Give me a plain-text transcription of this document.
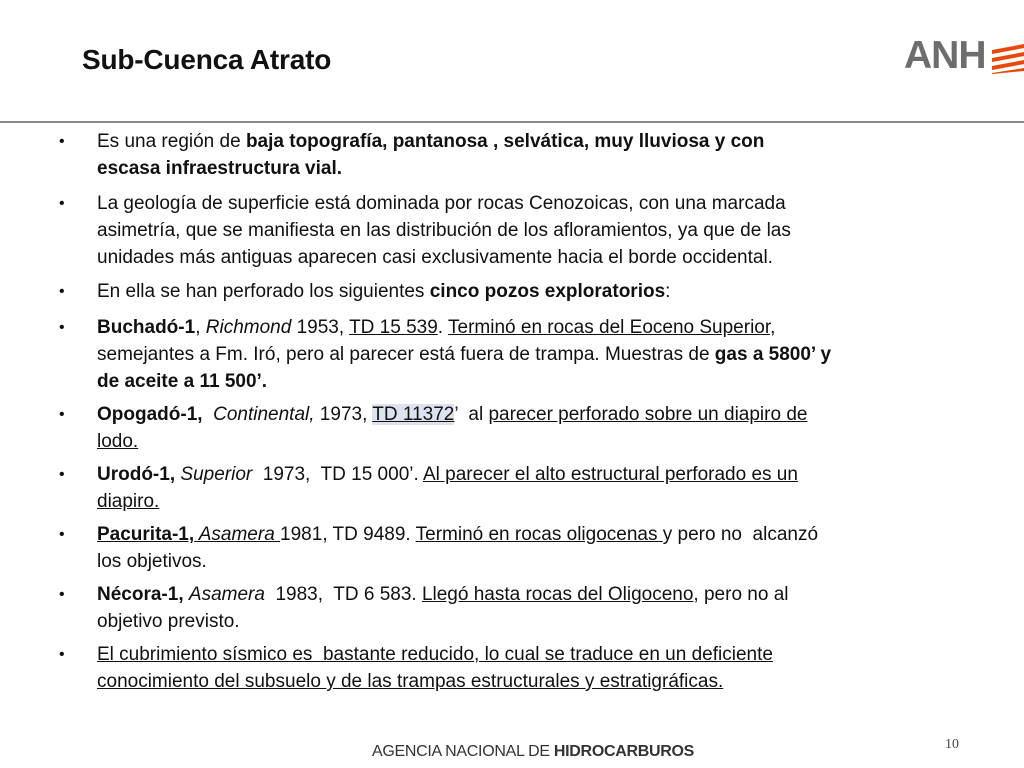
Sub-Cuenca Atrato	ANH
•	Es una región de baja topografía, pantanosa , selvática, muy lluviosa y con
escasa infraestructura vial.
•	La geología de superficie está dominada por rocas Cenozoicas, con una marcada
asimetría, que se manifiesta en las distribución de los afloramientos, ya que de las
unidades más antiguas aparecen casi exclusivamente hacia el borde occidental.
•	En ella se han perforado los siguientes cinco pozos exploratorios:
•	Buchadó-1, Richmond 1953, TD 15 539. Terminó en rocas del Eoceno Superior,
semejantes a Fm. Iró, pero al parecer está fuera de trampa. Muestras de gas a 5800’ y
de aceite a 11 500’.
•	Opogadó-1, Continental, 1973, TD 11372’  al parecer perforado sobre un diapiro de
lodo.
•	Urodó-1, Superior  1973,  TD 15 000’. Al parecer el alto estructural perforado es un
diapiro.
•	Pacurita-1, Asamera 1981, TD 9489. Terminó en rocas oligocenas y pero no  alcanzó
los objetivos.
•	Nécora-1, Asamera  1983,  TD 6 583. Llegó hasta rocas del Oligoceno, pero no al
objetivo previsto.
•	El cubrimiento sísmico es  bastante reducido, lo cual se traduce en un deficiente
conocimiento del subsuelo y de las trampas estructurales y estratigráficas.
AGENCIA NACIONAL DE HIDROCARBUROS	10
